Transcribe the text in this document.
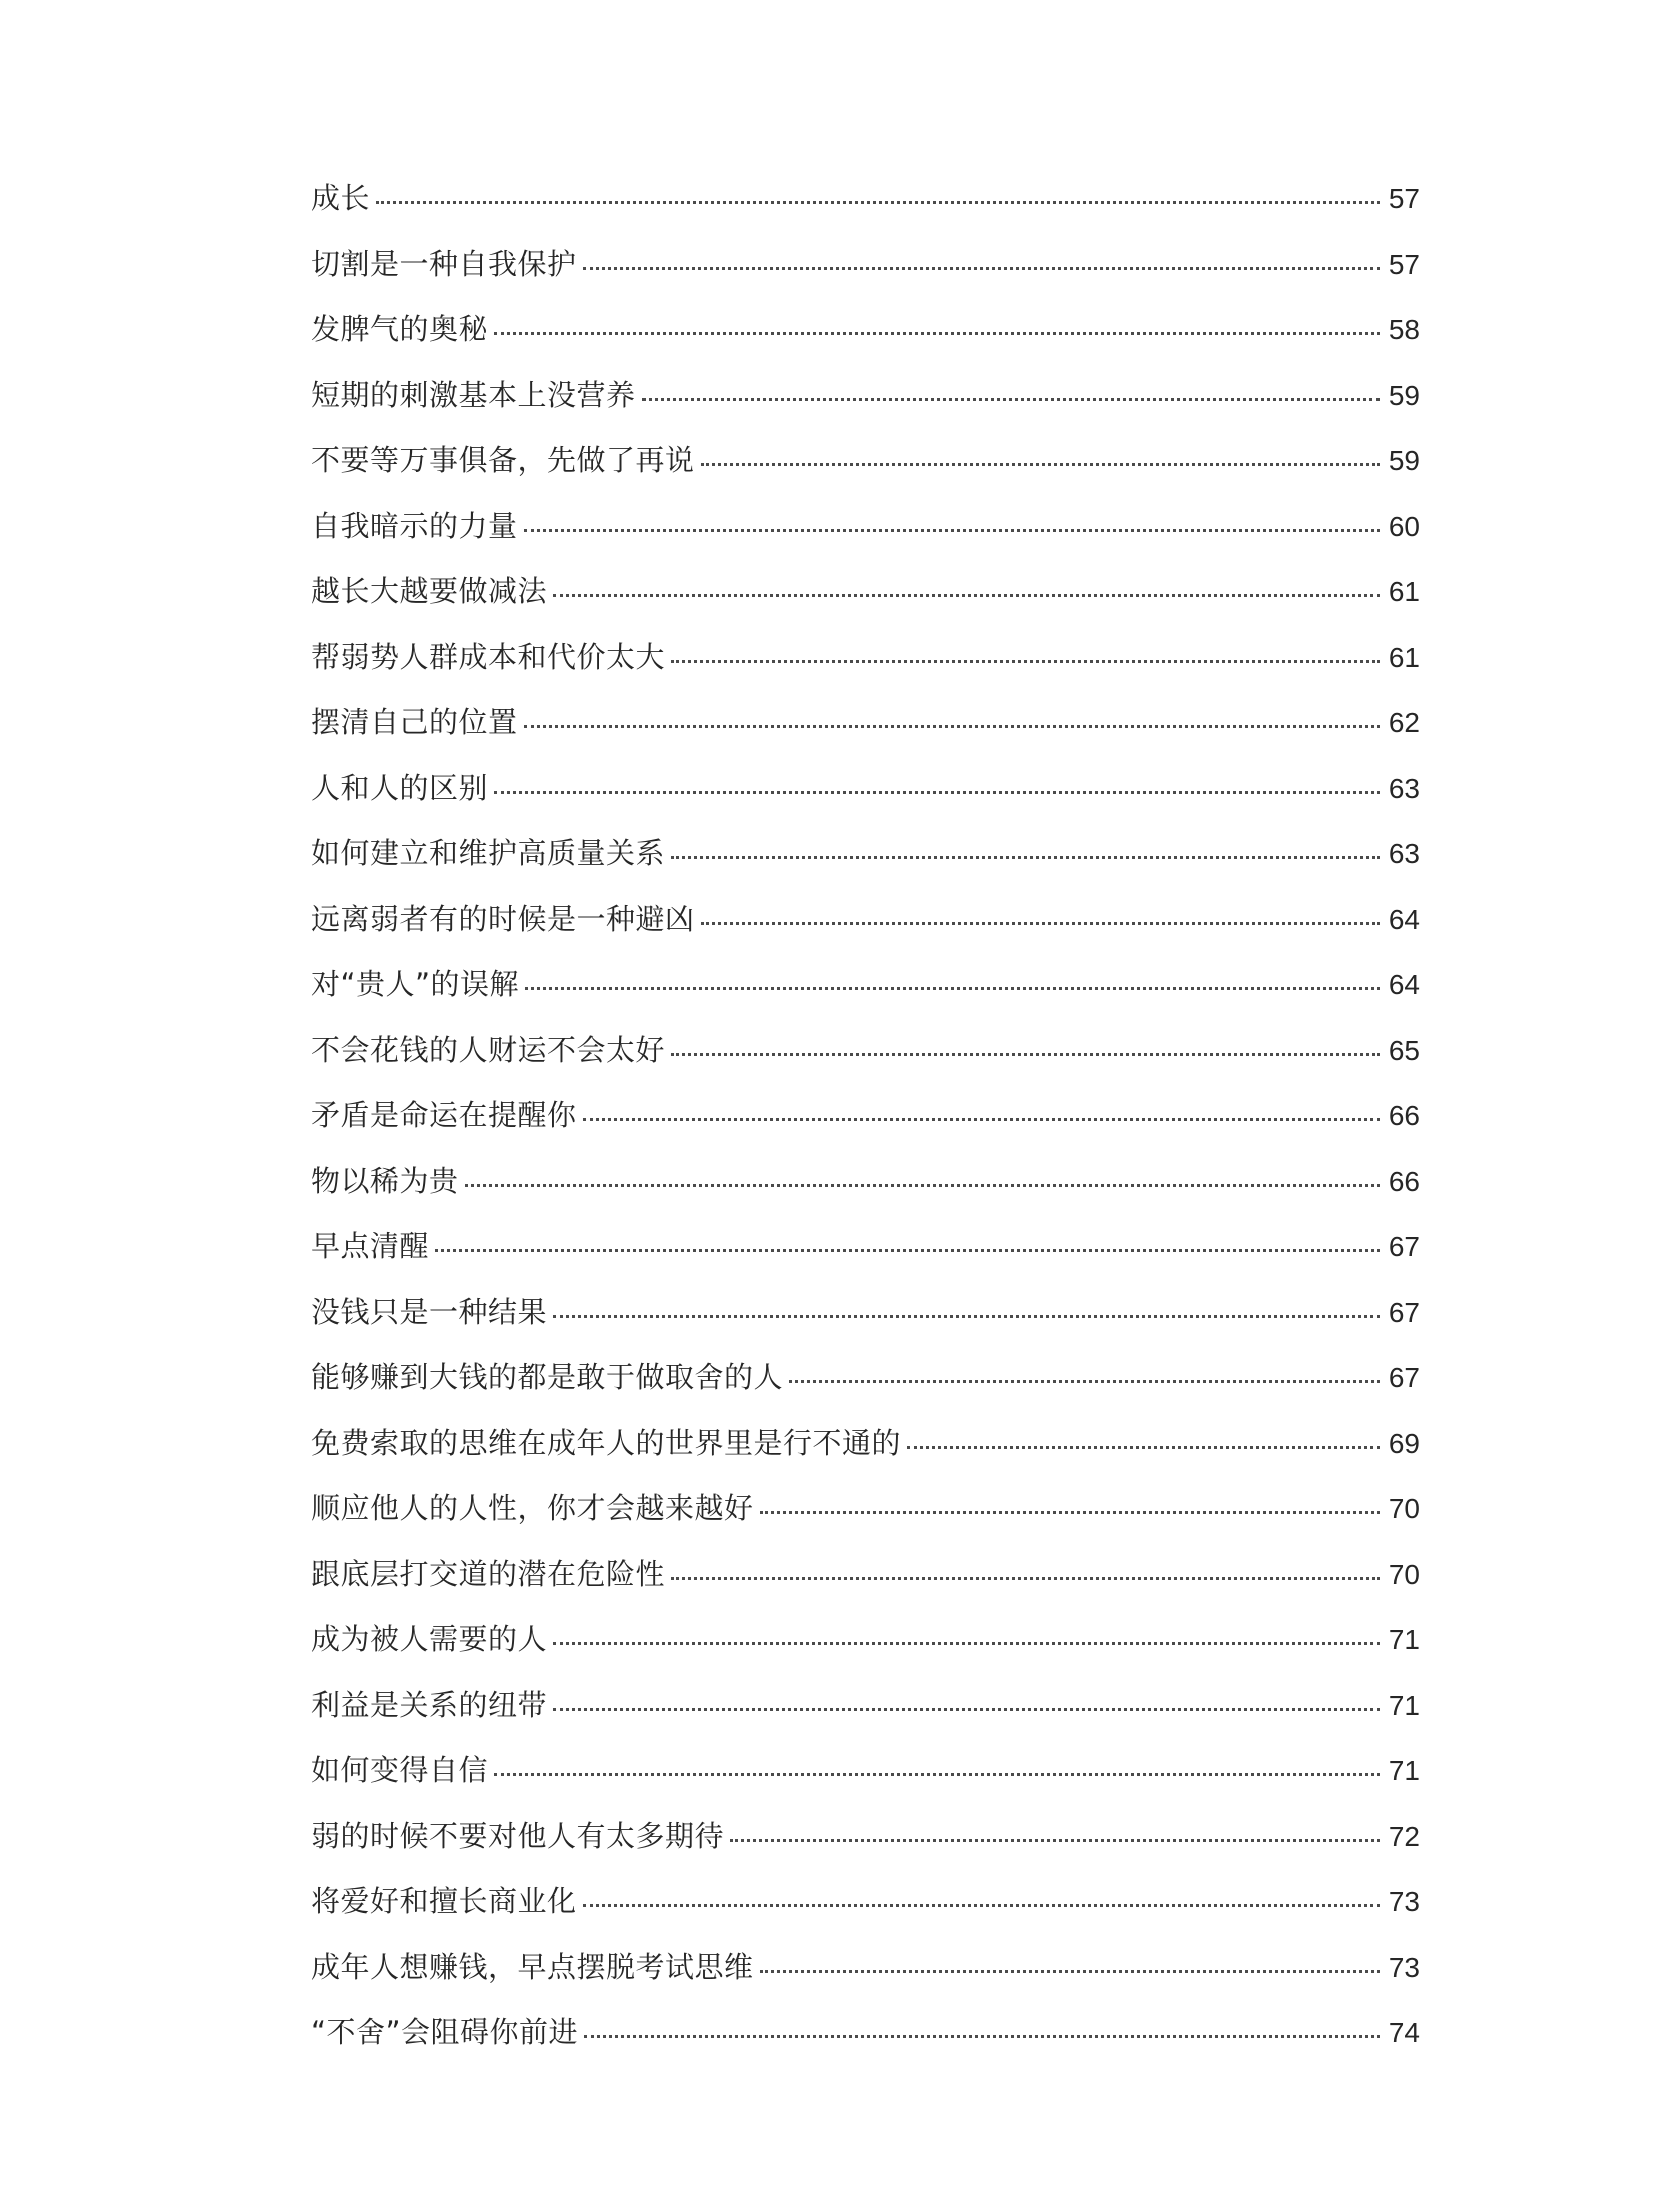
成长	57
切割是一种自我保护	57
发脾气的奥秘	58
短期的刺激基本上没营养	59
不要等万事俱备，先做了再说	59
自我暗示的力量	60
越长大越要做减法	61
帮弱势人群成本和代价太大	61
摆清自己的位置	62
人和人的区别	63
如何建立和维护高质量关系	63
远离弱者有的时候是一种避凶	64
对“贵人”的误解	64
不会花钱的人财运不会太好	65
矛盾是命运在提醒你	66
物以稀为贵	66
早点清醒	67
没钱只是一种结果	67
能够赚到大钱的都是敢于做取舍的人	67
免费索取的思维在成年人的世界里是行不通的	69
顺应他人的人性，你才会越来越好	70
跟底层打交道的潜在危险性	70
成为被人需要的人	71
利益是关系的纽带	71
如何变得自信	71
弱的时候不要对他人有太多期待	72
将爱好和擅长商业化	73
成年人想赚钱，早点摆脱考试思维	73
“不舍”会阻碍你前进	74
